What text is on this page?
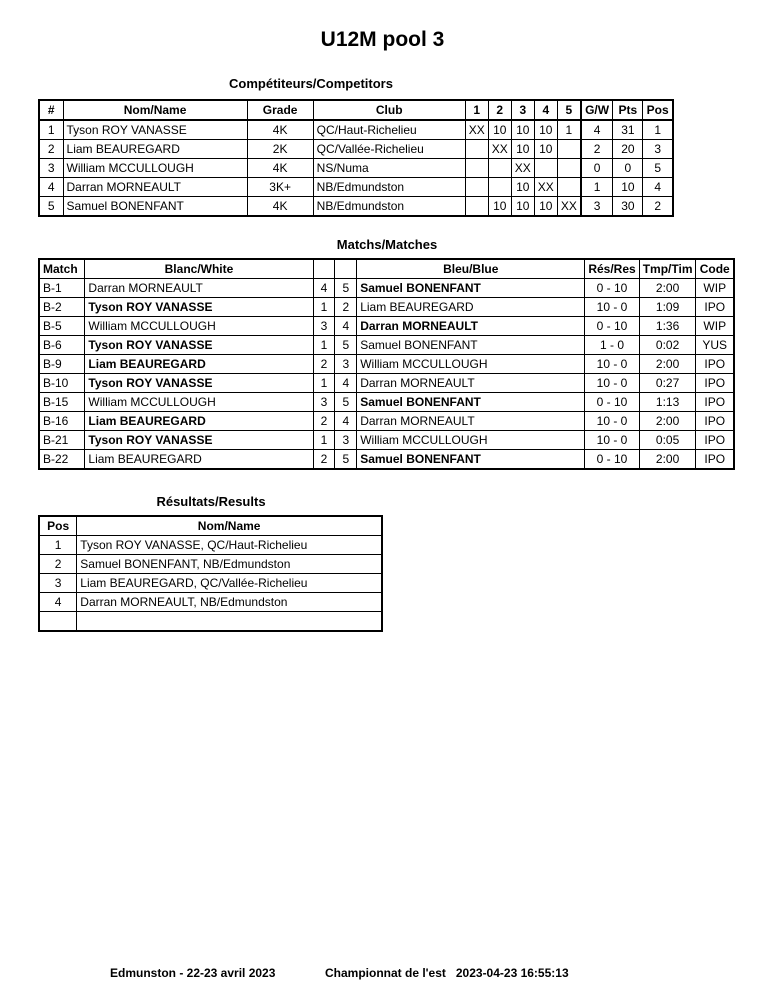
U12M pool 3
Compétiteurs/Competitors
#	Nom/Name	Grade	Club	1	2	3	4	5	G/W	Pts	Pos
1	Tyson ROY VANASSE	4K	QC/Haut-Richelieu	XX	10	10	10	1	4	31	1
2	Liam BEAUREGARD	2K	QC/Vallée-Richelieu		XX	10	10		2	20	3
3	William MCCULLOUGH	4K	NS/Numa			XX			0	0	5
4	Darran MORNEAULT	3K+	NB/Edmundston			10	XX		1	10	4
5	Samuel BONENFANT	4K	NB/Edmundston		10	10	10	XX	3	30	2
Matchs/Matches
Match	Blanc/White			Bleu/Blue	Rés/Res	Tmp/Tim	Code
B-1	Darran MORNEAULT	4	5	Samuel BONENFANT	0 - 10	2:00	WIP
B-2	Tyson ROY VANASSE	1	2	Liam BEAUREGARD	10 - 0	1:09	IPO
B-5	William MCCULLOUGH	3	4	Darran MORNEAULT	0 - 10	1:36	WIP
B-6	Tyson ROY VANASSE	1	5	Samuel BONENFANT	1 - 0	0:02	YUS
B-9	Liam BEAUREGARD	2	3	William MCCULLOUGH	10 - 0	2:00	IPO
B-10	Tyson ROY VANASSE	1	4	Darran MORNEAULT	10 - 0	0:27	IPO
B-15	William MCCULLOUGH	3	5	Samuel BONENFANT	0 - 10	1:13	IPO
B-16	Liam BEAUREGARD	2	4	Darran MORNEAULT	10 - 0	2:00	IPO
B-21	Tyson ROY VANASSE	1	3	William MCCULLOUGH	10 - 0	0:05	IPO
B-22	Liam BEAUREGARD	2	5	Samuel BONENFANT	0 - 10	2:00	IPO
Résultats/Results
Pos	Nom/Name
1	Tyson ROY VANASSE, QC/Haut-Richelieu
2	Samuel BONENFANT, NB/Edmundston
3	Liam BEAUREGARD, QC/Vallée-Richelieu
4	Darran MORNEAULT, NB/Edmundston

Edmunston - 22-23 avril 2023	Championnat de l'est   2023-04-23 16:55:13
